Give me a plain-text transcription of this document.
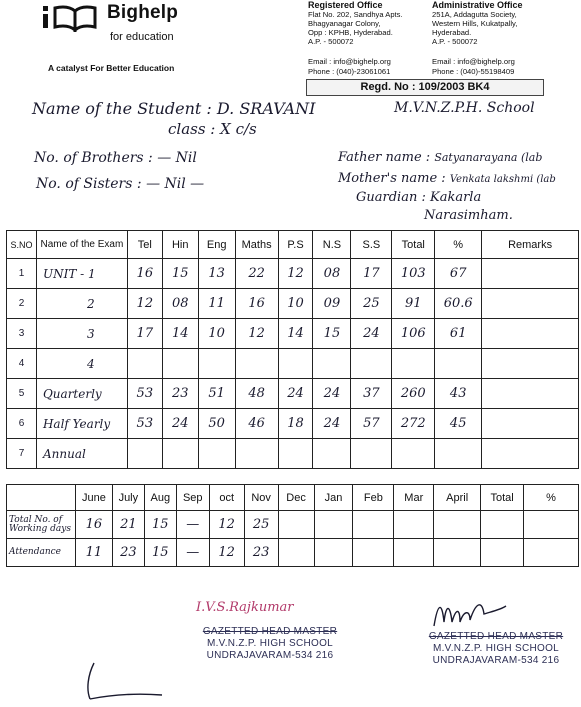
Bighelp
for education
A catalyst For Better Education
Registered Office
Flat No. 202, Sandhya Apts.
Bhagyanagar Colony,
Opp : KPHB, Hyderabad.
A.P. - 500072
Email : info@bighelp.org
Phone : (040)-23061061
Administrative Office
251A, Addagutta Society,
Western Hills, Kukatpally,
Hyderabad.
A.P. - 500072
Email : info@bighelp.org
Phone : (040)-55198409
Regd. No : 109/2003 BK4
Name of the Student : D. SRAVANI	M.V.N.Z.P.H. School
class : X c/s
No. of Brothers : — Nil
No. of Sisters : — Nil —
Father name : Satyanarayana (lab
Mother's name : Venkata lakshmi (lab
Guardian : Kakarla
Narasimham.
S.NO	Name of the Exam	Tel	Hin	Eng	Maths	P.S	N.S	S.S	Total	%	Remarks
1	UNIT - 1	16	15	13	22	12	08	17	103	67	
2	2	12	08	11	16	10	09	25	91	60.6	
3	3	17	14	10	12	14	15	24	106	61	
4	4										
5	Quarterly	53	23	51	48	24	24	37	260	43	
6	Half Yearly	53	24	50	46	18	24	57	272	45	
7	Annual										
	June	July	Aug	Sep	oct	Nov	Dec	Jan	Feb	Mar	April	Total	%
Total No. of Working days	16	21	15	—	12	25							
Attendance	11	23	15	—	12	23							
I.V.S.Rajkumar
GAZETTED HEAD MASTER
M.V.N.Z.P. HIGH SCHOOL
UNDRAJAVARAM-534 216
GAZETTED HEAD MASTER
M.V.N.Z.P. HIGH SCHOOL
UNDRAJAVARAM-534 216
